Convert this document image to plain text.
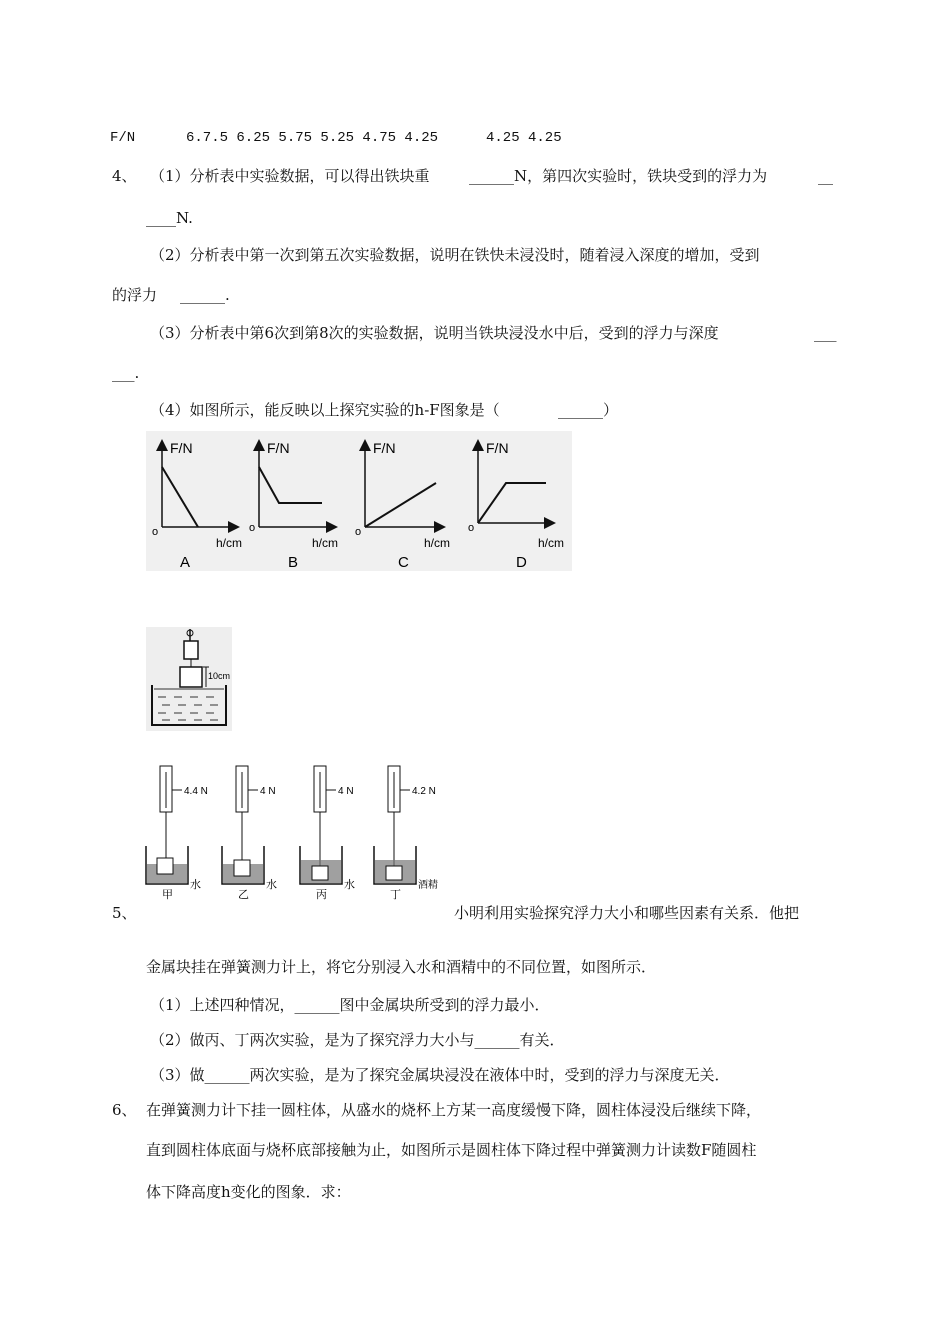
F/N	6.7.5 6.25 5.75 5.25 4.75 4.25	4.25 4.25
4、 （1）分析表中实验数据，可以得出铁块重	______N，第四次实验时，铁块受到的浮力为	__
____N.
（2）分析表中第一次到第五次实验数据，说明在铁快未浸没时，随着浸入深度的增加，受到
的浮力 ______.
（3）分析表中第6次到第8次的实验数据，说明当铁块浸没水中后，受到的浮力与深度	___
___.
（4）如图所示，能反映以上探究实验的h-F图象是（	______）
F/N
o
h/cm
A
F/N
o
h/cm
B
F/N
o
h/cm
C
F/N
o
h/cm
D
10cm
4.4 N
水
甲
4 N
水
乙
4 N
水
丙
4.2 N
酒精
丁
5、	小明利用实验探究浮力大小和哪些因素有关系．他把
金属块挂在弹簧测力计上，将它分别浸入水和酒精中的不同位置，如图所示．
（1）上述四种情况，______图中金属块所受到的浮力最小．
（2）做丙、丁两次实验，是为了探究浮力大小与______有关．
（3）做______两次实验，是为了探究金属块浸没在液体中时，受到的浮力与深度无关．
6、 在弹簧测力计下挂一圆柱体，从盛水的烧杯上方某一高度缓慢下降，圆柱体浸没后继续下降，
直到圆柱体底面与烧杯底部接触为止，如图所示是圆柱体下降过程中弹簧测力计读数F随圆柱
体下降高度h变化的图象．求：
